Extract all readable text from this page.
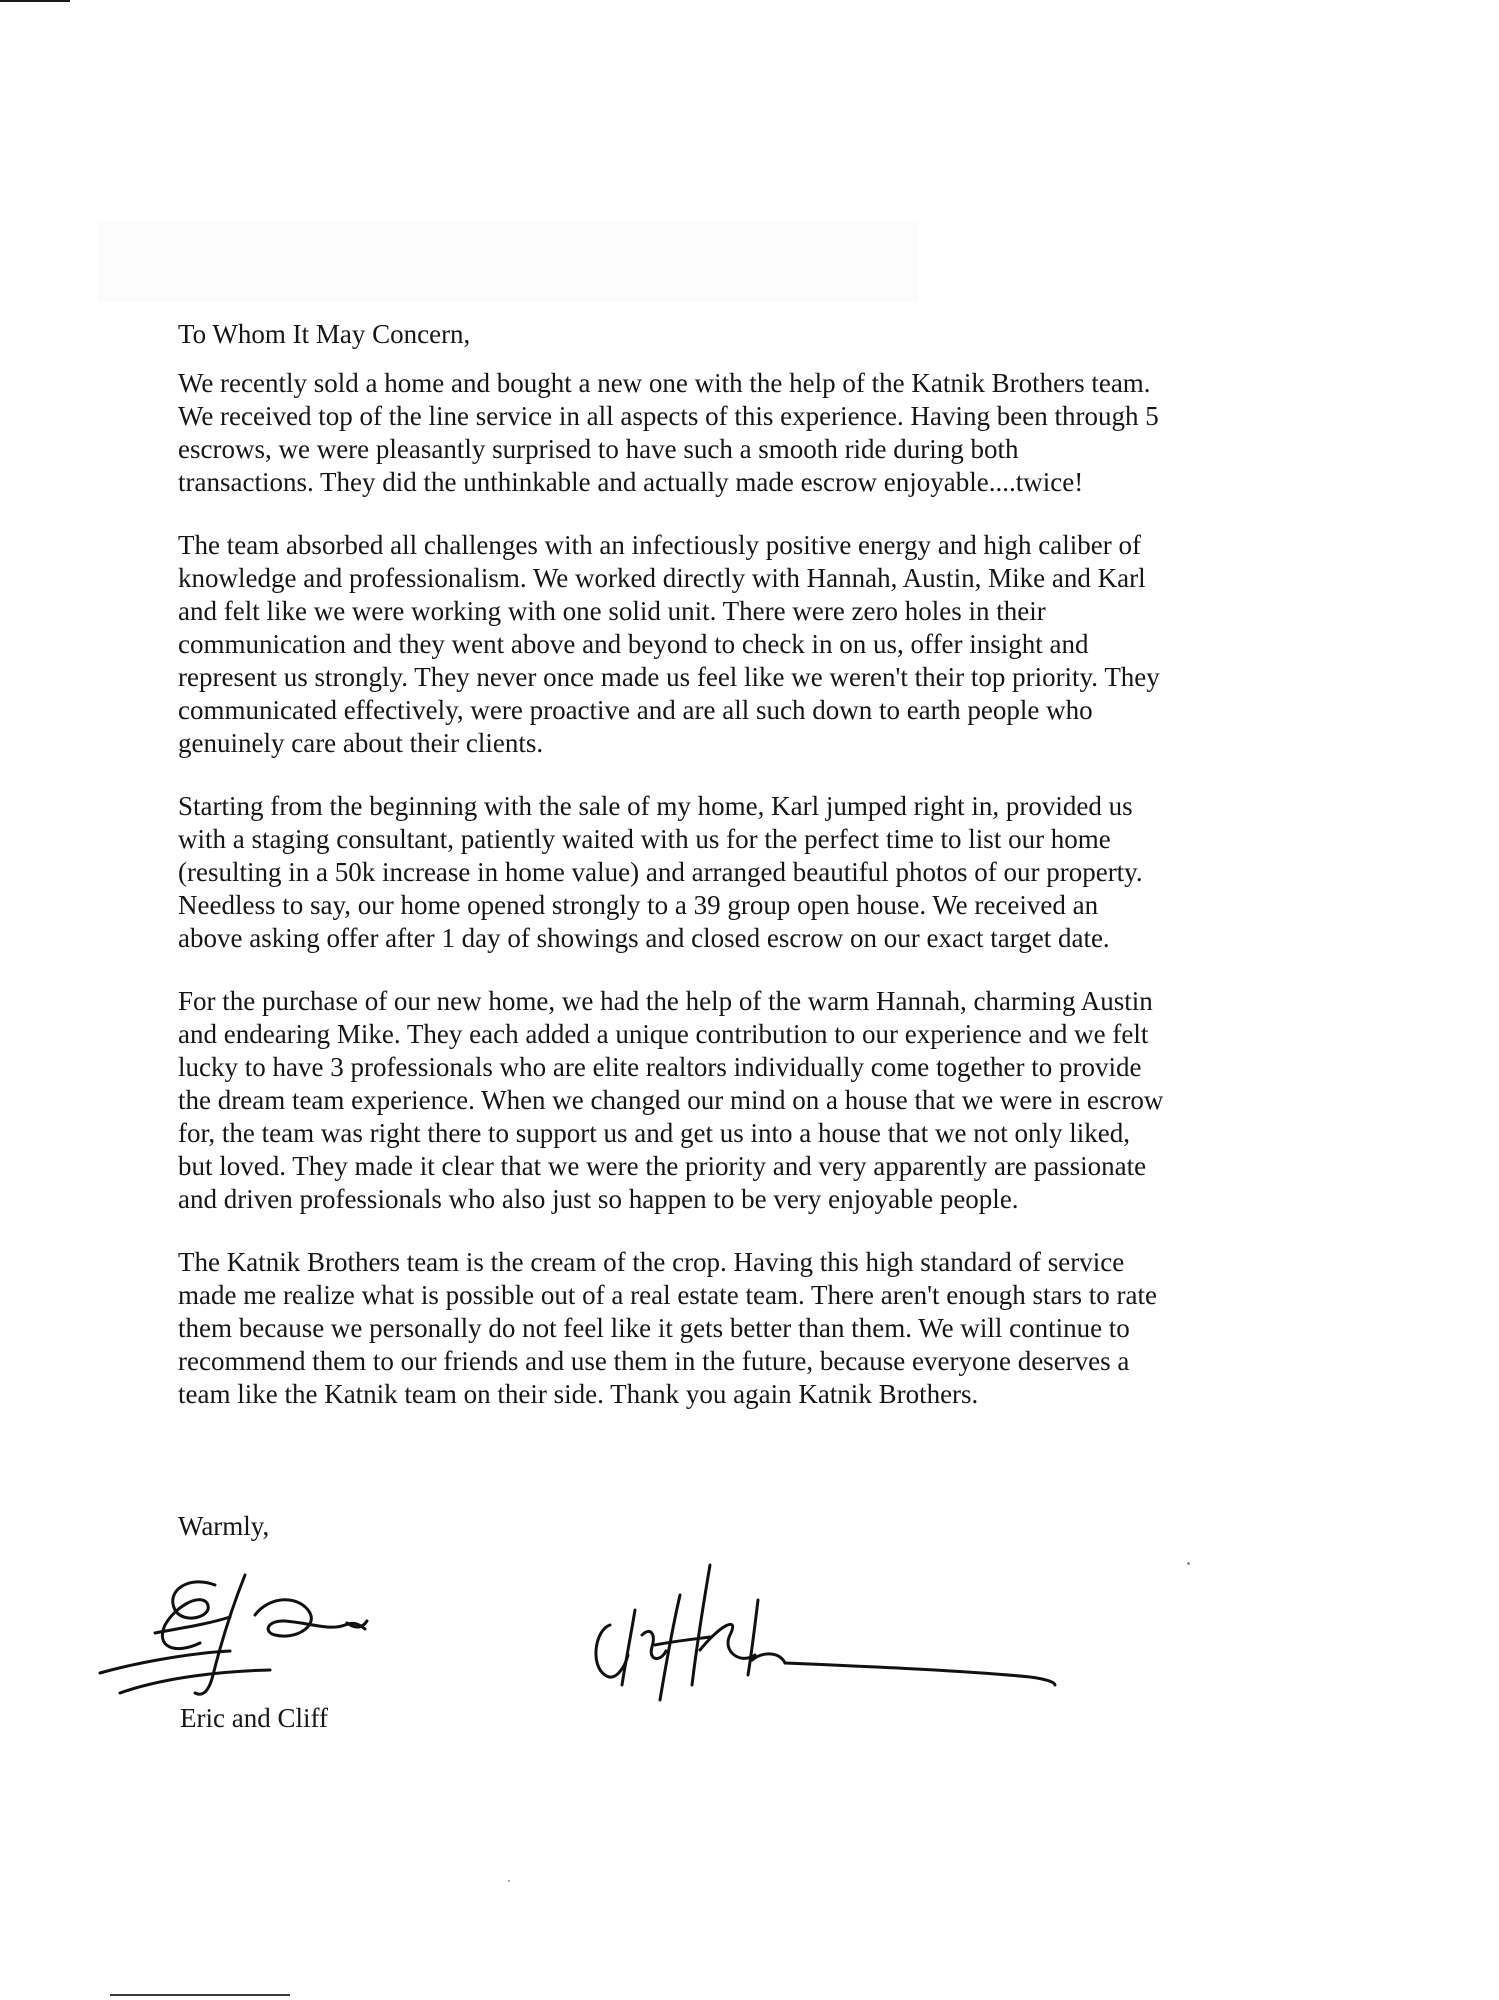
To Whom It May Concern,
We recently sold a home and bought a new one with the help of the Katnik Brothers team.
We received top of the line service in all aspects of this experience. Having been through 5
escrows, we were pleasantly surprised to have such a smooth ride during both
transactions. They did the unthinkable and actually made escrow enjoyable....twice!
The team absorbed all challenges with an infectiously positive energy and high caliber of
knowledge and professionalism. We worked directly with Hannah, Austin, Mike and Karl
and felt like we were working with one solid unit. There were zero holes in their
communication and they went above and beyond to check in on us, offer insight and
represent us strongly. They never once made us feel like we weren't their top priority. They
communicated effectively, were proactive and are all such down to earth people who
genuinely care about their clients.
Starting from the beginning with the sale of my home, Karl jumped right in, provided us
with a staging consultant, patiently waited with us for the perfect time to list our home
(resulting in a 50k increase in home value) and arranged beautiful photos of our property.
Needless to say, our home opened strongly to a 39 group open house. We received an
above asking offer after 1 day of showings and closed escrow on our exact target date.
For the purchase of our new home, we had the help of the warm Hannah, charming Austin
and endearing Mike. They each added a unique contribution to our experience and we felt
lucky to have 3 professionals who are elite realtors individually come together to provide
the dream team experience. When we changed our mind on a house that we were in escrow
for, the team was right there to support us and get us into a house that we not only liked,
but loved. They made it clear that we were the priority and very apparently are passionate
and driven professionals who also just so happen to be very enjoyable people.
The Katnik Brothers team is the cream of the crop. Having this high standard of service
made me realize what is possible out of a real estate team. There aren't enough stars to rate
them because we personally do not feel like it gets better than them. We will continue to
recommend them to our friends and use them in the future, because everyone deserves a
team like the Katnik team on their side. Thank you again Katnik Brothers.
Warmly,
Eric and Cliff
